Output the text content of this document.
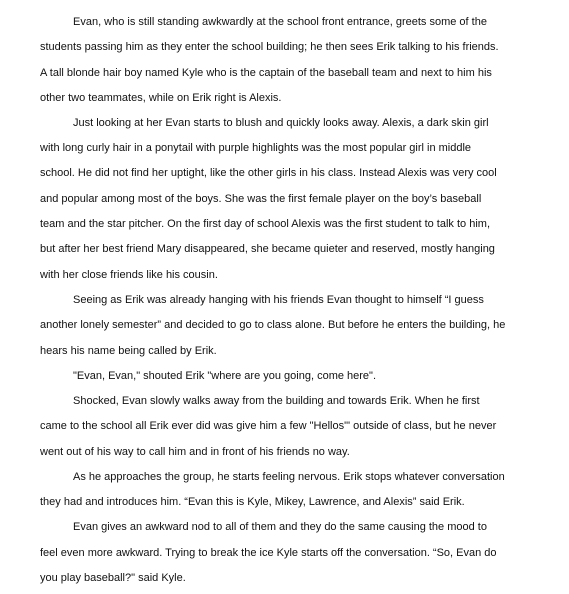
Evan, who is still standing awkwardly at the school front entrance, greets some of the

students passing him as they enter the school building; he then sees Erik talking to his friends.

A tall blonde hair boy named Kyle who is the captain of the baseball team and next to him his

other two teammates, while on Erik right is Alexis.

Just looking at her Evan starts to blush and quickly looks away. Alexis, a dark skin girl

with long curly hair in a ponytail with purple highlights was the most popular girl in middle

school. He did not find her uptight, like the other girls in his class. Instead Alexis was very cool

and popular among most of the boys. She was the first female player on the boy’s baseball

team and the star pitcher. On the first day of school Alexis was the first student to talk to him,

but after her best friend Mary disappeared, she became quieter and reserved, mostly hanging

with her close friends like his cousin.

Seeing as Erik was already hanging with his friends Evan thought to himself “I guess

another lonely semester” and decided to go to class alone. But before he enters the building, he

hears his name being called by Erik.

"Evan, Evan," shouted Erik "where are you going, come here".

Shocked, Evan slowly walks away from the building and towards Erik. When he first

came to the school all Erik ever did was give him a few "Hellos"' outside of class, but he never

went out of his way to call him and in front of his friends no way.

As he approaches the group, he starts feeling nervous. Erik stops whatever conversation

they had and introduces him. “Evan this is Kyle, Mikey, Lawrence, and Alexis” said Erik.

Evan gives an awkward nod to all of them and they do the same causing the mood to

feel even more awkward. Trying to break the ice Kyle starts off the conversation. “So, Evan do

you play baseball?" said Kyle.
